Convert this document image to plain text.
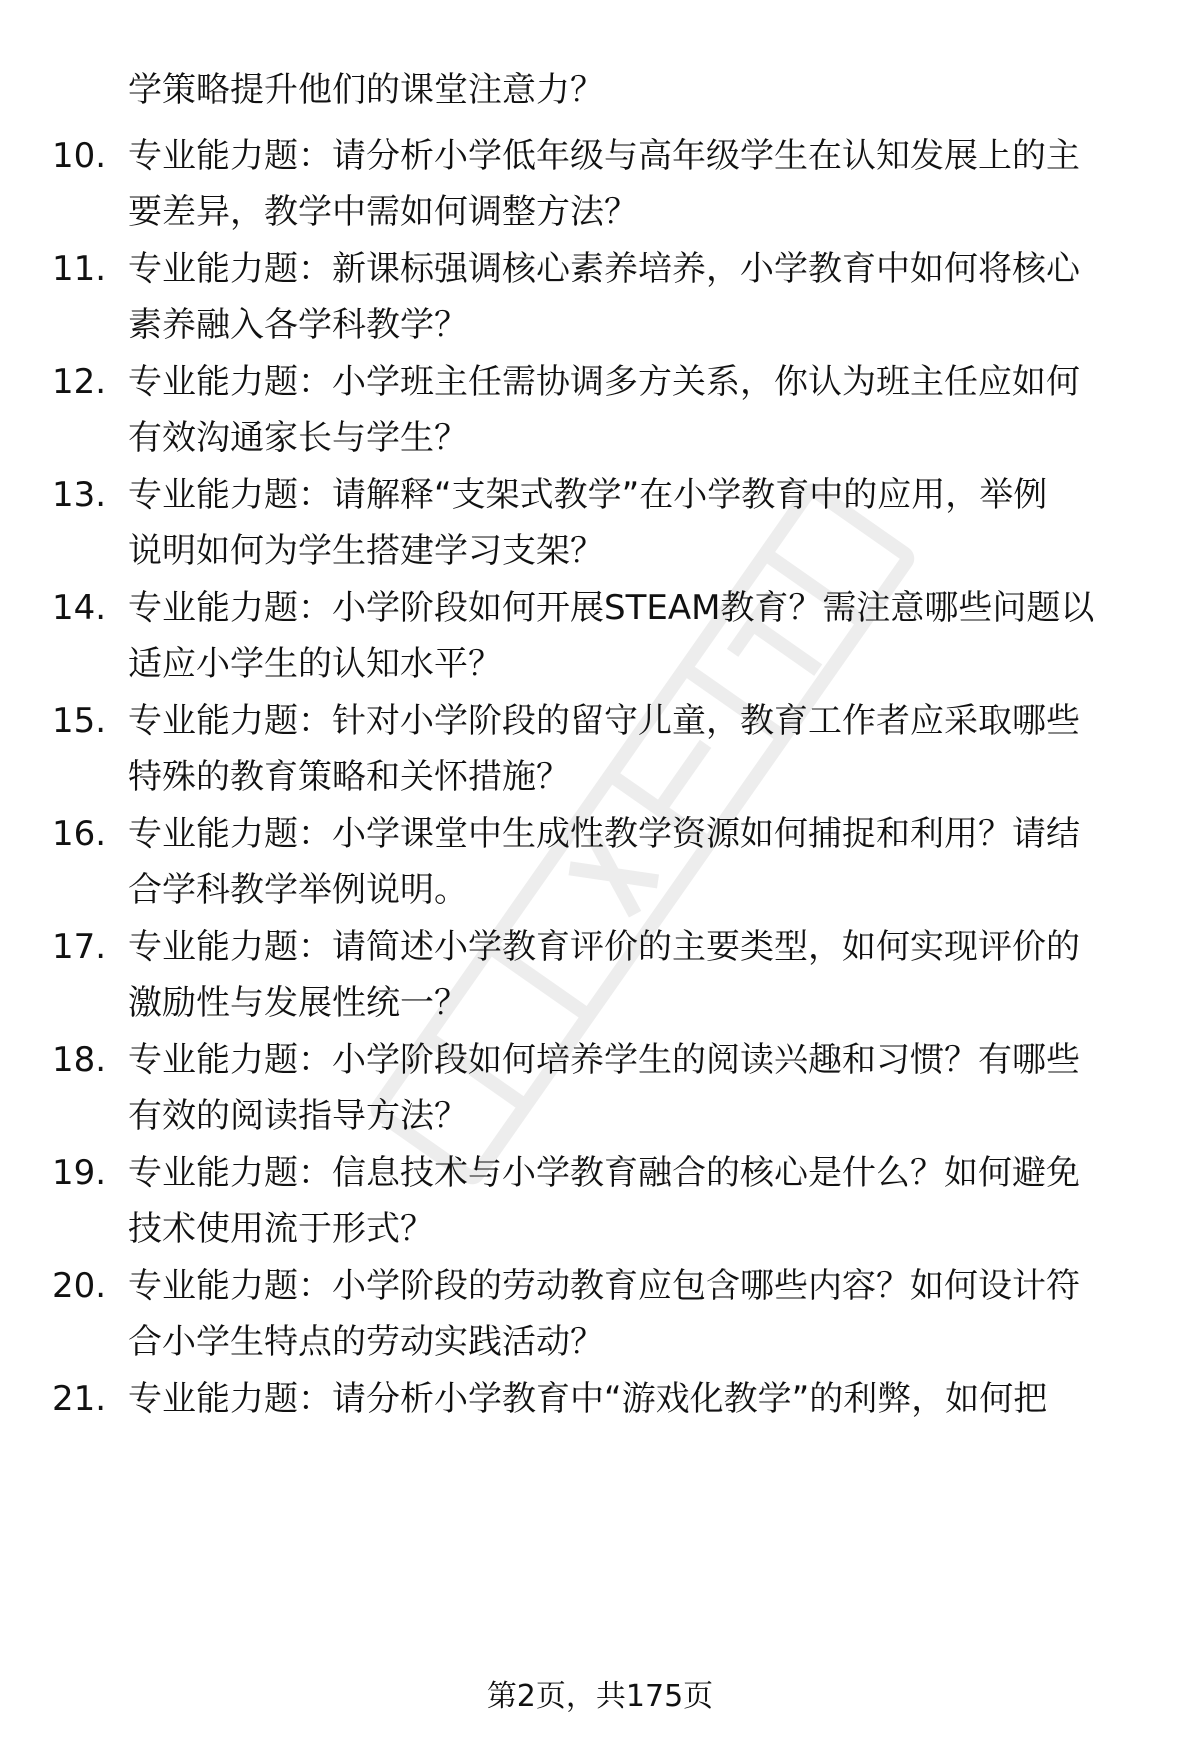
学策略提升他们的课堂注意力？
10. 专业能力题：请分析小学低年级与高年级学生在认知发展上的主
要差异，教学中需如何调整方法？
11. 专业能力题：新课标强调核心素养培养，小学教育中如何将核心
素养融入各学科教学？
12. 专业能力题：小学班主任需协调多方关系，你认为班主任应如何
有效沟通家长与学生？
13. 专业能力题：请解释“支架式教学”在小学教育中的应用，举例
说明如何为学生搭建学习支架？
14. 专业能力题：小学阶段如何开展STEAM教育？需注意哪些问题以
适应小学生的认知水平？
15. 专业能力题：针对小学阶段的留守儿童，教育工作者应采取哪些
特殊的教育策略和关怀措施？
16. 专业能力题：小学课堂中生成性教学资源如何捕捉和利用？请结
合学科教学举例说明。
17. 专业能力题：请简述小学教育评价的主要类型，如何实现评价的
激励性与发展性统一？
18. 专业能力题：小学阶段如何培养学生的阅读兴趣和习惯？有哪些
有效的阅读指导方法？
19. 专业能力题：信息技术与小学教育融合的核心是什么？如何避免
技术使用流于形式？
20. 专业能力题：小学阶段的劳动教育应包含哪些内容？如何设计符
合小学生特点的劳动实践活动？
21. 专业能力题：请分析小学教育中“游戏化教学”的利弊，如何把
第2页，共175页
